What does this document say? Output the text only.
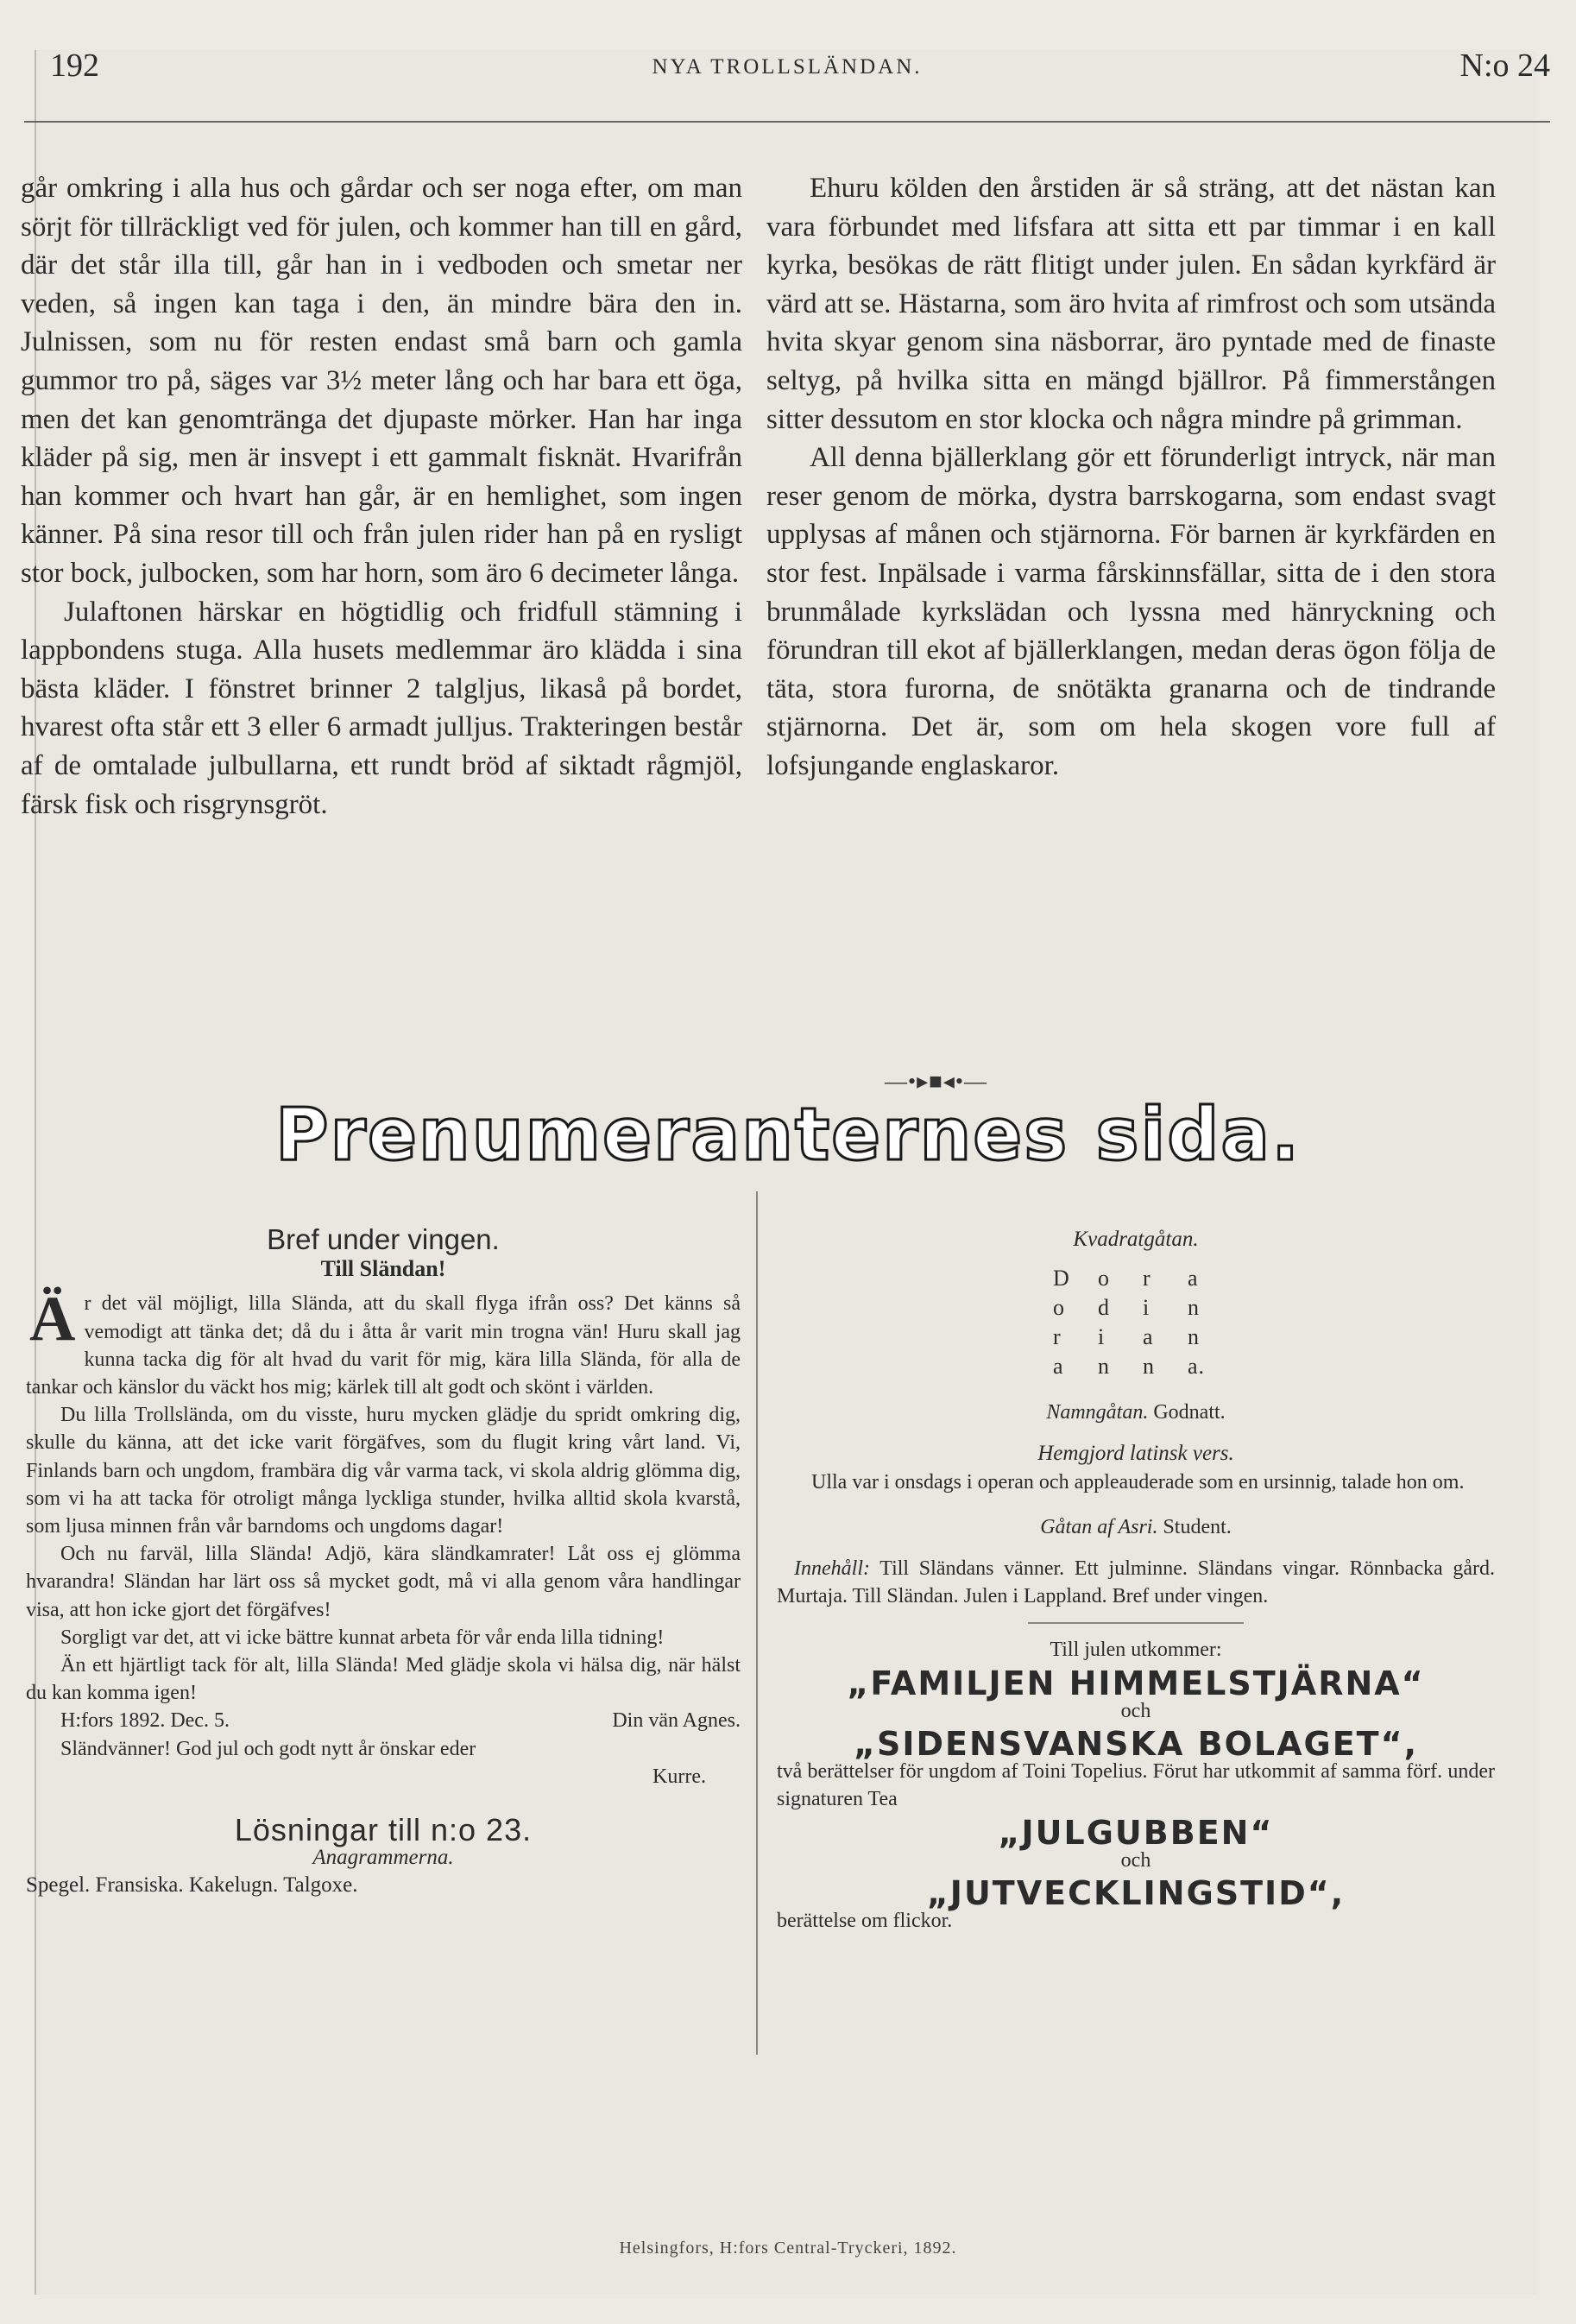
192	NYA TROLLSLÄNDAN.	N:o 24

går omkring i alla hus och gårdar och ser noga efter, om man sörjt för tillräckligt ved för julen, och kommer han till en gård, där det står illa till, går han in i vedboden och smetar ner veden, så ingen kan taga i den, än mindre bära den in. Julnissen, som nu för resten endast små barn och gamla gummor tro på, säges var 3½ meter lång och har bara ett öga, men det kan genomtränga det djupaste mörker. Han har inga kläder på sig, men är insvept i ett gammalt fisknät. Hvarifrån han kommer och hvart han går, är en hemlighet, som ingen känner. På sina resor till och från julen rider han på en rysligt stor bock, julbocken, som har horn, som äro 6 decimeter långa.

Julaftonen härskar en högtidlig och fridfull stämning i lappbondens stuga. Alla husets medlemmar äro klädda i sina bästa kläder. I fönstret brinner 2 talgljus, likaså på bordet, hvarest ofta står ett 3 eller 6 armadt julljus. Trakteringen består af de omtalade julbullarna, ett rundt bröd af siktadt rågmjöl, färsk fisk och risgrynsgröt.

Ehuru kölden den årstiden är så sträng, att det nästan kan vara förbundet med lifsfara att sitta ett par timmar i en kall kyrka, besökas de rätt flitigt under julen. En sådan kyrkfärd är värd att se. Hästarna, som äro hvita af rimfrost och som utsända hvita skyar genom sina näsborrar, äro pyntade med de finaste seltyg, på hvilka sitta en mängd bjällror. På fimmerstången sitter dessutom en stor klocka och några mindre på grimman.

All denna bjällerklang gör ett förunderligt intryck, när man reser genom de mörka, dystra barrskogarna, som endast svagt upplysas af månen och stjärnorna. För barnen är kyrkfärden en stor fest. Inpälsade i varma fårskinnsfällar, sitta de i den stora brunmålade kyrkslädan och lyssna med hänryckning och förundran till ekot af bjällerklangen, medan deras ögon följa de täta, stora furorna, de snötäkta granarna och de tindrande stjärnorna. Det är, som om hela skogen vore full af lofsjungande englaskaror.

—•▸■◂•—
Prenumeranternes sida.
Bref under vingen.
Till Sländan!

Ä r det väl möjligt, lilla Sländа, att du skall flyga ifrån oss? Det känns så vemodigt att tänka det; då du i åtta år varit min trogna vän! Huru skall jag kunna tacka dig för alt hvad du varit för mig, kära lilla Sländа, för alla de tankar och känslor du väckt hos mig; kärlek till alt godt och skönt i världen.

Du lilla Trollslända, om du visste, huru mycken glädje du spridt omkring dig, skulle du känna, att det icke varit förgäfves, som du flugit kring vårt land. Vi, Finlands barn och ungdom, frambära dig vår varma tack, vi skola aldrig glömma dig, som vi ha att tacka för otroligt många lyckliga stunder, hvilka alltid skola kvarstå, som ljusa minnen från vår barndoms och ungdoms dagar!

Och nu farväl, lilla Sländа! Adjö, kära sländkamrater! Låt oss ej glömma hvarandra! Sländan har lärt oss så mycket godt, må vi alla genom våra handlingar visa, att hon icke gjort det förgäfves!

Sorgligt var det, att vi icke bättre kunnat arbeta för vår enda lilla tidning!

Än ett hjärtligt tack för alt, lilla Sländа! Med glädje skola vi hälsa dig, när hälst du kan komma igen!

H:fors 1892. Dec. 5.	Din vän Agnes.

Sländvänner! God jul och godt nytt år önskar eder

Kurre.

Lösningar till n:o 23.
Anagrammerna.

Spegel. Fransiska. Kakelugn. Talgoxe.

Kvadratgåtan.
D	o	r	a
o	d	i	n
r	i	a	n
a	n	n	a.

Namngåtan. Godnatt.

Hemgjord latinsk vers.

Ulla var i onsdags i operan och appleauderade som en ursinnig, talade hon om.

Gåtan af Asri. Student.

Innehåll: Till Sländans vänner. Ett julminne. Sländans vingar. Rönnbacka gård. Murtaja. Till Sländan. Julen i Lappland. Bref under vingen.

Till julen utkommer:
„FAMILJEN HIMMELSTJÄRNA“
och
„SIDENSVANSKA BOLAGET“,

två berättelser för ungdom af Toini Topelius. Förut har utkommit af samma förf. under signaturen Tea

„JULGUBBEN“
och
„JUTVECKLINGSTID“,

berättelse om flickor.

Helsingfors, H:fors Central-Tryckeri, 1892.
